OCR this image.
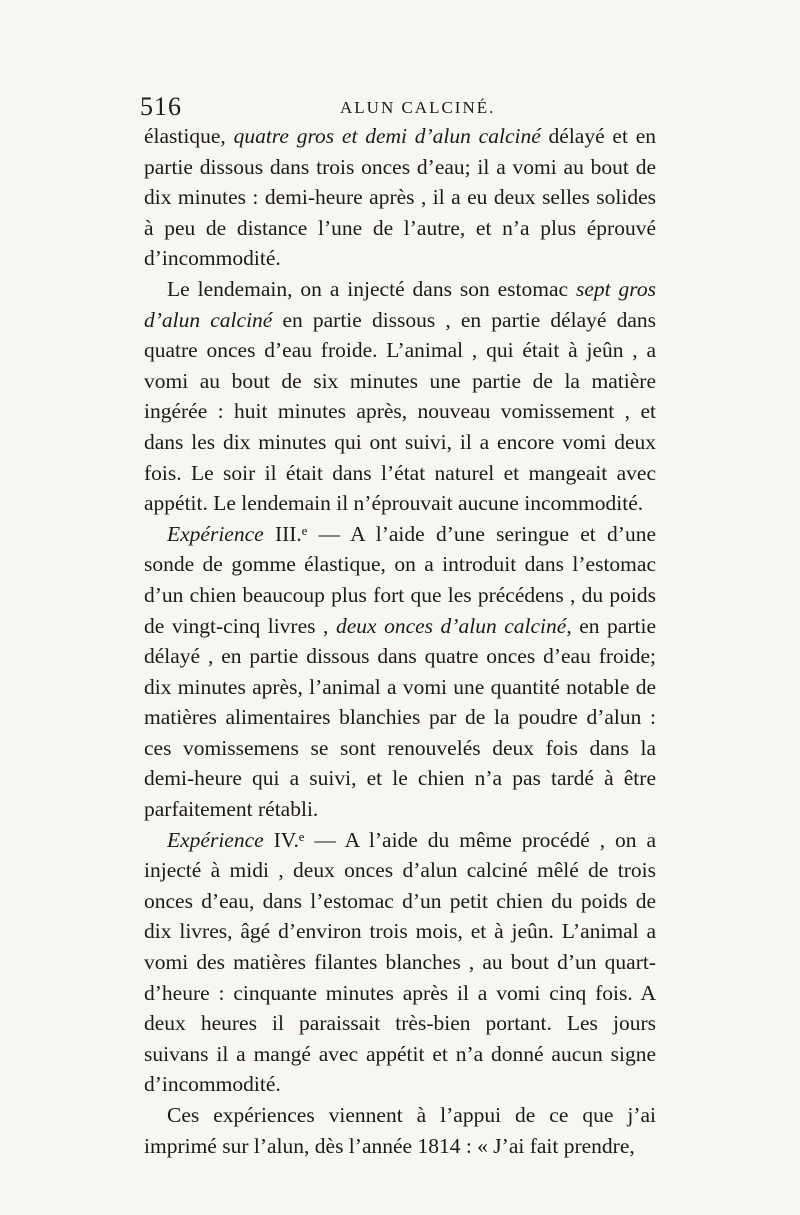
516	ALUN CALCINÉ.

élastique, quatre gros et demi d’alun calciné délayé et en partie dissous dans trois onces d’eau; il a vomi au bout de dix minutes : demi-heure après , il a eu deux selles solides à peu de distance l’une de l’autre, et n’a plus éprouvé d’incommodité.

Le lendemain, on a injecté dans son estomac sept gros d’alun calciné en partie dissous , en partie délayé dans quatre onces d’eau froide. L’animal , qui était à jeûn , a vomi au bout de six minutes une partie de la matière ingérée : huit minutes après, nouveau vomissement , et dans les dix minutes qui ont suivi, il a encore vomi deux fois. Le soir il était dans l’état naturel et mangeait avec appétit. Le lendemain il n’éprouvait aucune incommodité.

Expérience III.ᵉ — A l’aide d’une seringue et d’une sonde de gomme élastique, on a introduit dans l’estomac d’un chien beaucoup plus fort que les précédens , du poids de vingt-cinq livres , deux onces d’alun calciné, en partie délayé , en partie dissous dans quatre onces d’eau froide; dix minutes après, l’animal a vomi une quantité notable de matières alimentaires blanchies par de la poudre d’alun : ces vomissemens se sont renouvelés deux fois dans la demi-heure qui a suivi, et le chien n’a pas tardé à être parfaitement rétabli.

Expérience IV.ᵉ — A l’aide du même procédé , on a injecté à midi , deux onces d’alun calciné mêlé de trois onces d’eau, dans l’estomac d’un petit chien du poids de dix livres, âgé d’environ trois mois, et à jeûn. L’animal a vomi des matières filantes blanches , au bout d’un quart-d’heure : cinquante minutes après il a vomi cinq fois. A deux heures il paraissait très-bien portant. Les jours suivans il a mangé avec appétit et n’a donné aucun signe d’incommodité.

Ces expériences viennent à l’appui de ce que j’ai imprimé sur l’alun, dès l’année 1814 : « J’ai fait prendre,
